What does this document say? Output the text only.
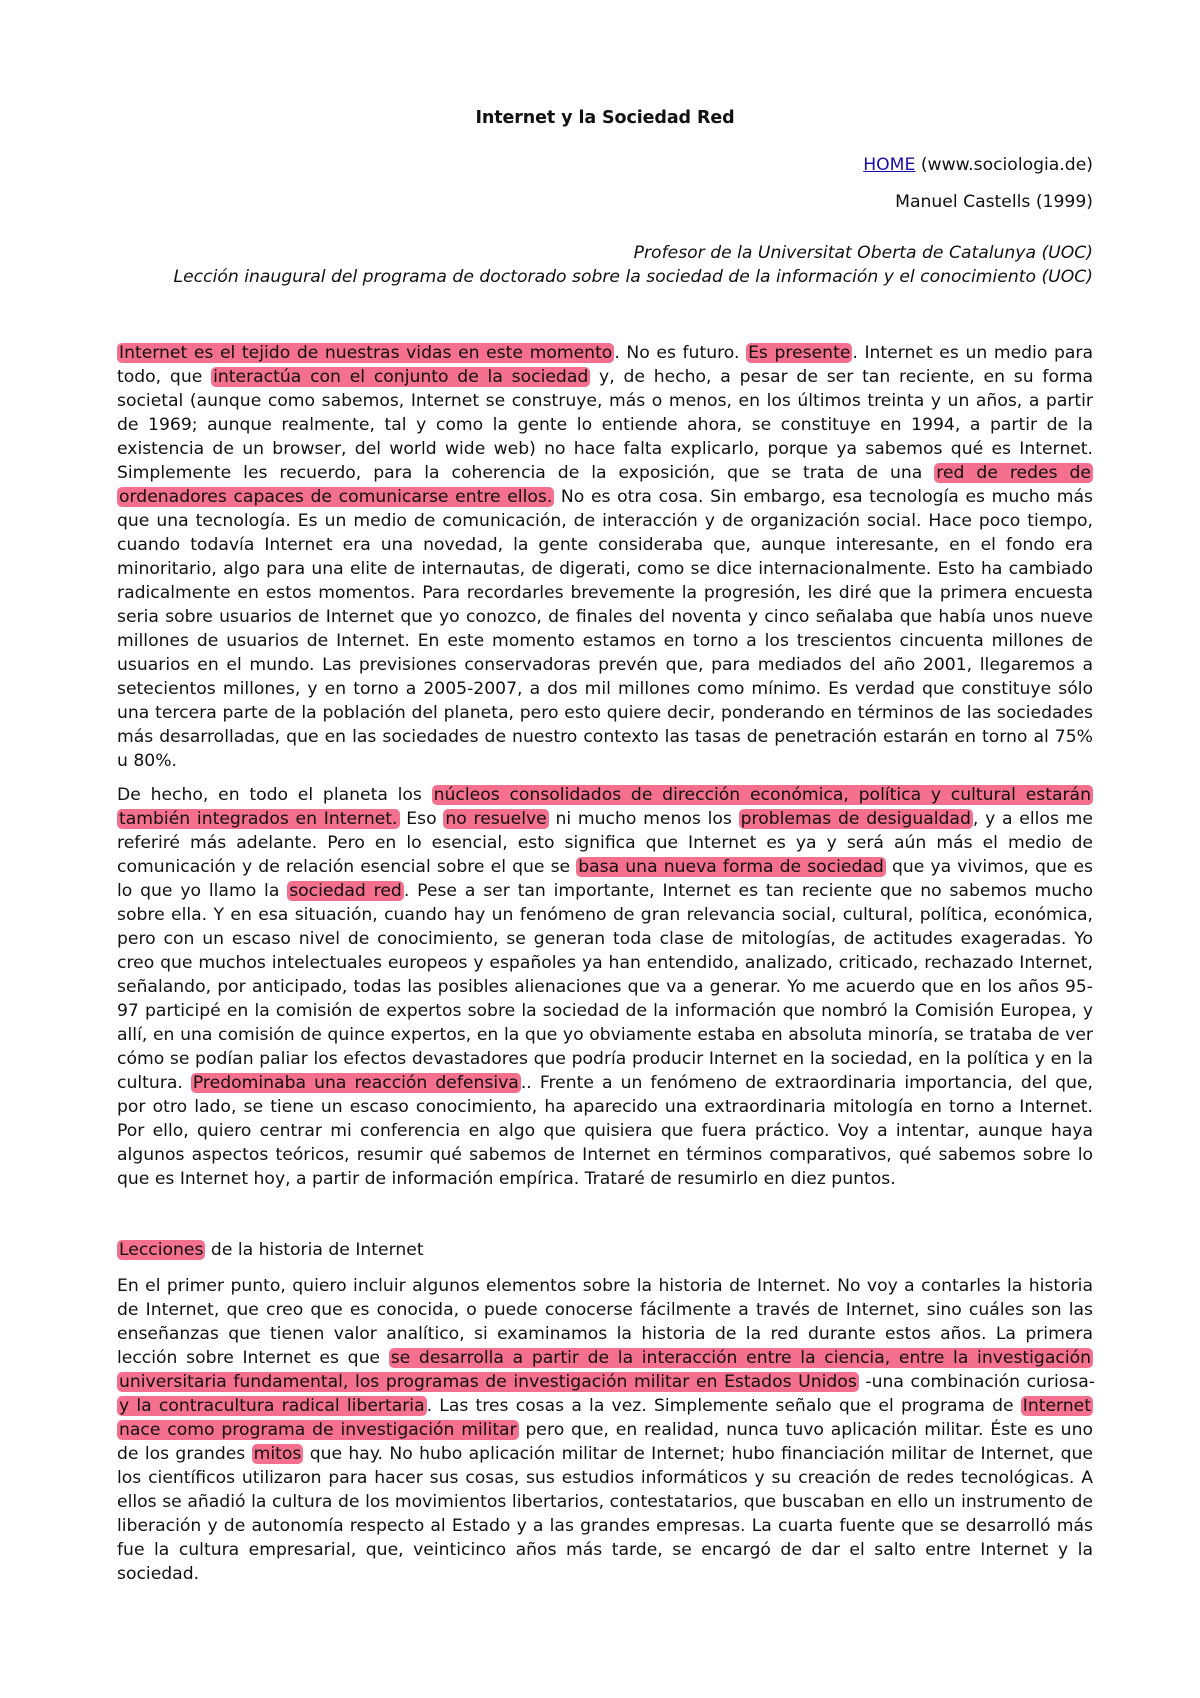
Internet y la Sociedad Red

HOME (www.sociologia.de)

Manuel Castells (1999)

Profesor de la Universitat Oberta de Catalunya (UOC)

Lección inaugural del programa de doctorado sobre la sociedad de la información y el conocimiento (UOC)

Internet es el tejido de nuestras vidas en este momento . No es futuro. Es presente . Internet es un medio para todo, que interactúa con el conjunto de la sociedad y, de hecho, a pesar de ser tan reciente, en su forma societal (aunque como sabemos, Internet se construye, más o menos, en los últimos treinta y un años, a partir de 1969; aunque realmente, tal y como la gente lo entiende ahora, se constituye en 1994, a partir de la existencia de un browser, del world wide web) no hace falta explicarlo, porque ya sabemos qué es Internet. Simplemente les recuerdo, para la coherencia de la exposición, que se trata de una red de redes de ordenadores capaces de comunicarse entre ellos. No es otra cosa. Sin embargo, esa tecnología es mucho más que una tecnología. Es un medio de comunicación, de interacción y de organización social. Hace poco tiempo, cuando todavía Internet era una novedad, la gente consideraba que, aunque interesante, en el fondo era minoritario, algo para una elite de internautas, de digerati, como se dice internacionalmente. Esto ha cambiado radicalmente en estos momentos. Para recordarles brevemente la progresión, les diré que la primera encuesta seria sobre usuarios de Internet que yo conozco, de finales del noventa y cinco señalaba que había unos nueve millones de usuarios de Internet. En este momento estamos en torno a los trescientos cincuenta millones de usuarios en el mundo. Las previsiones conservadoras prevén que, para mediados del año 2001, llegaremos a setecientos millones, y en torno a 2005-2007, a dos mil millones como mínimo. Es verdad que constituye sólo una tercera parte de la población del planeta, pero esto quiere decir, ponderando en términos de las sociedades más desarrolladas, que en las sociedades de nuestro contexto las tasas de penetración estarán en torno al 75% u 80%.

De hecho, en todo el planeta los núcleos consolidados de dirección económica, política y cultural estarán también integrados en Internet. Eso no resuelve ni mucho menos los problemas de desigualdad , y a ellos me referiré más adelante. Pero en lo esencial, esto significa que Internet es ya y será aún más el medio de comunicación y de relación esencial sobre el que se basa una nueva forma de sociedad que ya vivimos, que es lo que yo llamo la sociedad red . Pese a ser tan importante, Internet es tan reciente que no sabemos mucho sobre ella. Y en esa situación, cuando hay un fenómeno de gran relevancia social, cultural, política, económica, pero con un escaso nivel de conocimiento, se generan toda clase de mitologías, de actitudes exageradas. Yo creo que muchos intelectuales europeos y españoles ya han entendido, analizado, criticado, rechazado Internet, señalando, por anticipado, todas las posibles alienaciones que va a generar. Yo me acuerdo que en los años 95-97 participé en la comisión de expertos sobre la sociedad de la información que nombró la Comisión Europea, y allí, en una comisión de quince expertos, en la que yo obviamente estaba en absoluta minoría, se trataba de ver cómo se podían paliar los efectos devastadores que podría producir Internet en la sociedad, en la política y en la cultura. Predominaba una reacción defensiva .. Frente a un fenómeno de extraordinaria importancia, del que, por otro lado, se tiene un escaso conocimiento, ha aparecido una extraordinaria mitología en torno a Internet. Por ello, quiero centrar mi conferencia en algo que quisiera que fuera práctico. Voy a intentar, aunque haya algunos aspectos teóricos, resumir qué sabemos de Internet en términos comparativos, qué sabemos sobre lo que es Internet hoy, a partir de información empírica. Trataré de resumirlo en diez puntos.

Lecciones de la historia de Internet

En el primer punto, quiero incluir algunos elementos sobre la historia de Internet. No voy a contarles la historia de Internet, que creo que es conocida, o puede conocerse fácilmente a través de Internet, sino cuáles son las enseñanzas que tienen valor analítico, si examinamos la historia de la red durante estos años. La primera lección sobre Internet es que se desarrolla a partir de la interacción entre la ciencia, entre la investigación universitaria fundamental, los programas de investigación militar en Estados Unidos -una combinación curiosa- y la contracultura radical libertaria . Las tres cosas a la vez. Simplemente señalo que el programa de Internet nace como programa de investigación militar pero que, en realidad, nunca tuvo aplicación militar. Éste es uno de los grandes mitos que hay. No hubo aplicación militar de Internet; hubo financiación militar de Internet, que los científicos utilizaron para hacer sus cosas, sus estudios informáticos y su creación de redes tecnológicas. A ellos se añadió la cultura de los movimientos libertarios, contestatarios, que buscaban en ello un instrumento de liberación y de autonomía respecto al Estado y a las grandes empresas. La cuarta fuente que se desarrolló más fue la cultura empresarial, que, veinticinco años más tarde, se encargó de dar el salto entre Internet y la sociedad.
